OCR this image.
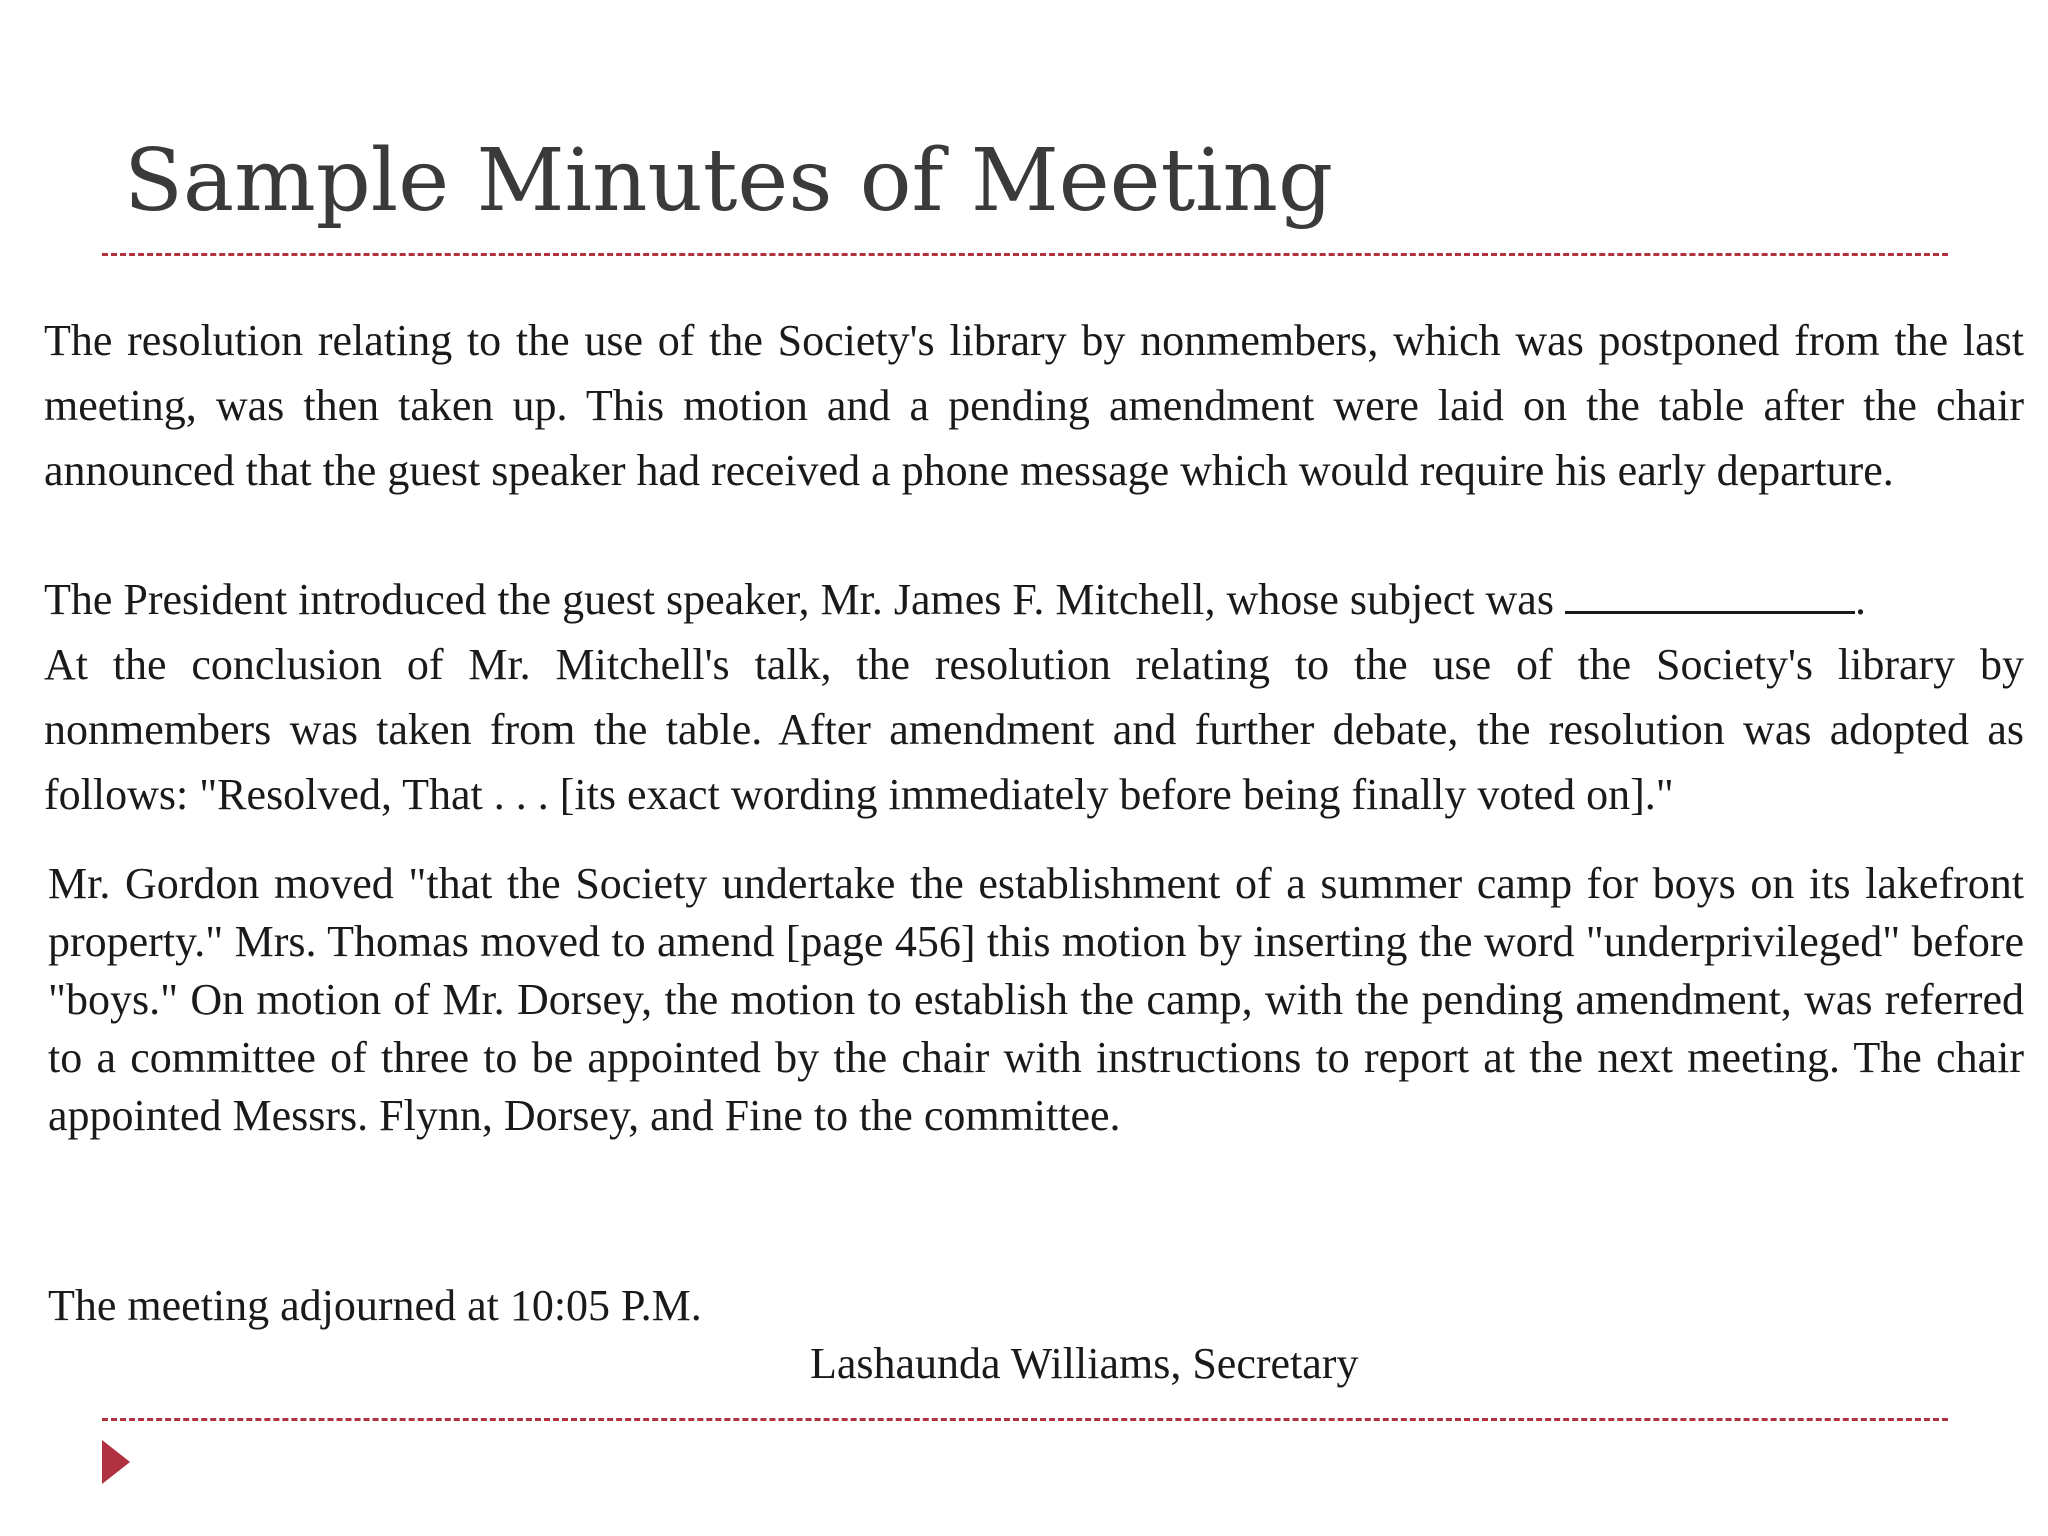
Sample Minutes of Meeting

The resolution relating to the use of the Society's library by nonmembers, which was postponed from the last meeting, was then taken up. This motion and a pending amendment were laid on the table after the chair announced that the guest speaker had received a phone message which would require his early departure.

The President introduced the guest speaker, Mr. James F. Mitchell, whose subject was	.
At the conclusion of Mr. Mitchell's talk, the resolution relating to the use of the Society's library by nonmembers was taken from the table. After amendment and further debate, the resolution was adopted as follows: "Resolved, That . . . [its exact wording immediately before being finally voted on]."

Mr. Gordon moved "that the Society undertake the establishment of a summer camp for boys on its lakefront property." Mrs. Thomas moved to amend [page 456] this motion by inserting the word "underprivileged" before "boys." On motion of Mr. Dorsey, the motion to establish the camp, with the pending amendment, was referred to a committee of three to be appointed by the chair with instructions to report at the next meeting. The chair appointed Messrs. Flynn, Dorsey, and Fine to the committee.

The meeting adjourned at 10:05 P.M.
Lashaunda Williams, Secretary
